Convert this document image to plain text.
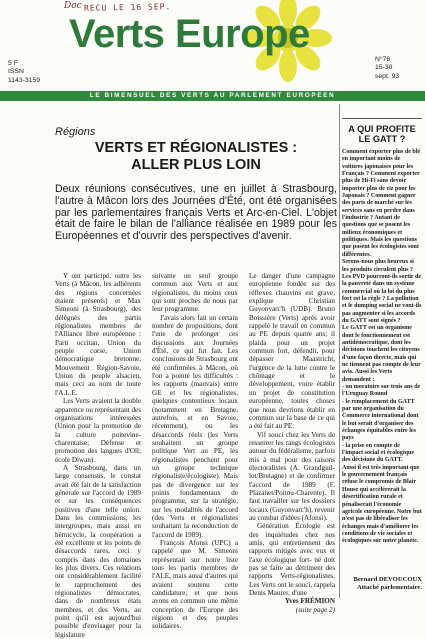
Doc RECU LE 16 SEP.
Verts Europe
5 F
ISSN
1143-3159
N°76
15-30
sept. 93
LE BIMENSUEL DES VERTS AU PARLEMENT EUROPEEN
Régions
VERTS ET RÉGIONALISTES :
ALLER PLUS LOIN
Deux réunions consécutives, une en juillet à Strasbourg, l'autre à Mâcon lors des Journées d'Été, ont été organisées par les parlementaires français Verts et Arc-en-Ciel. L'objet était de faire le bilan de l'alliance réalisée en 1989 pour les Européennes et d'ouvrir des perspectives d'avenir.

Y ont participé, outre les Verts (à Mâcon, les adhérents des régions concernées étaient présents) et Max Simeoni (à Strasbourg), des délégués des partis régionalistes membres de l'Alliance libre européenne : Parti occitan, Union du peuple corse, Union démocratique bretonne, Mouvement Région-Savoie, Union du peuple alsacien, mais ceci au nom de toute l'A.L.E.

Les Verts avaient la double apparence ou représentant des organisations intéressées (Union pour la promotion de la culture poitevine-charentaise; Défense et promotion des langues d'Oïl; école Diwan).

A Strasbourg, dans un large consensus, le constat avait été fait de la satisfaction générale sur l'accord de 1989 et sur les conséquences positives d'une telle union. Dans les commissions, les intergroupes, mais aussi en hémicycle, la coopération a été excellente et les points de désaccords rares, ceci y compris dans des domaines les plus divers. Ces relations ont considérablement facilité le rapprochement des régionalistes démocrates, dans de nombreux états membres, et des Verts, au point qu'il est aujourd'hui possible d'envisager pour la législature

suivante un seul groupe commun aux Verts et aux régionalistes, du moins ceux qui sont proches de nous par leur programme.

J'avais alors fait un certain nombre de propositions, dont l'une de prolonger ces discussions aux Journées d'Été, ce qui fut fait. Les conclusions de Strasbourg ont été confirmées à Mâcon, où l'on a pointé les difficultés : les rapports (mauvais) entre GE et les régionalistes, quelques contentieux locaux (notamment en Bretagne, autrefois, et en Savoie, récemment), ou les désaccords réels (les Verts souhaitent un groupe politique Vert au PE, les régionalistes penchent pour un groupe technique régionaliste/écologiste). Mais pas de divergence sur les points fondamentaux de programme, sur la stratégie, sur les modalités de l'accord (des Verts et régionalistes souhaitant la reconduction de l'accord de 1989).

François Afonsi (UPC) a rappelé que M. Simeoni représentait sur notre liste tous les partis membres de l'ALE, mais aussi d'autres qui avaient soutenu cette candidature; et que nous avons en commun une même conception de l'Europe des régions et des peuples solidaires.

Le danger d'une campagne européenne fondée sur des réflexes chauvins est grave, explique Christian Guyonvarc'h (UDB). Bruno Boissière (Verts) après avoir rappelé le travail en commun au PE depuis quatre ans; il plaida pour un projet commun fort, défendit, pour dépasser Maastricht, l'urgence de la lutte contre le chômage et le développement, voire établir un projet de constitution européenne, toutes choses que nous devrions établir en commun sur la base de ce qui a été fait au PE.

Vif souci chez les Verts de resserrer les rangs écologistes autour du fédéralisme, parfois mis à mal pour des raisons électoralistes (A. Grandguil-lot/Bretagne) et de confirmer l'accord de 1989 (F. Plazanet/Poitou-Charente). Il faut travailler sur les dossiers locaux (Guyonvarc'h), revenir au combat d'idées (Afonsi).

Génération Écologie est des inquiétudes chez nos amis, qui entretiennent des rapports mitigés avec eux et l'axe écologique fort- né doit pas se faire au détriment des rapports Verts-régionalistes. Les Verts ont le souci, rappela Denis Maurer, d'une

Yves FRÉMION

(suite page 2)

A QUI PROFITE LE GATT ?

Comment exporter plus de blé en important moins de voitures japonaises pour les Français ? Comment exporter plus de Hi-Fi sans devoir importer plus de riz pour les Japonais ? Comment gagner des parts de marché sur les services sans en perdre dans l'industrie ? Autant de questions que se posent les milieux économiques et politiques. Mais les questions que posent les écologistes sont différentes.

Serons-nous plus heureux si les produits circulent plus ? Les PVD pourront-ils sortir de la pauvreté dans un système commercial où la loi du plus fort est la règle ? La pollution et le dumping social ne vont-ils pas augmenter si les accords du GATT sont signés ?

Le GATT est un organisme dont le fonctionnement est antidémocratique, dont les décisions touchent les citoyens d'une façon directe, mais qui ne tiennent pas compte de leur avis. Aussi les Verts demandent :

- un moratoire sur trois ans de l'Uruguay Round

- le remplacement du GATT par une organisation du Commerce international dont le but serait d'organiser des échanges équitables entre les pays

- la prise en compte de l'impact social et écologique des décisions du GATT.

Aussi il est très important que le gouvernement français refuse le compromis de Blair House qui accélérerait la désertification rurale et pénaliserait l'économie agricole européenne. Notre but n'est pas de libéraliser les échanges mais d'améliorer les conditions de vie sociales et écologiques sur notre planète.

Bernard DEVOUCOUX
Attaché parlementaire.
